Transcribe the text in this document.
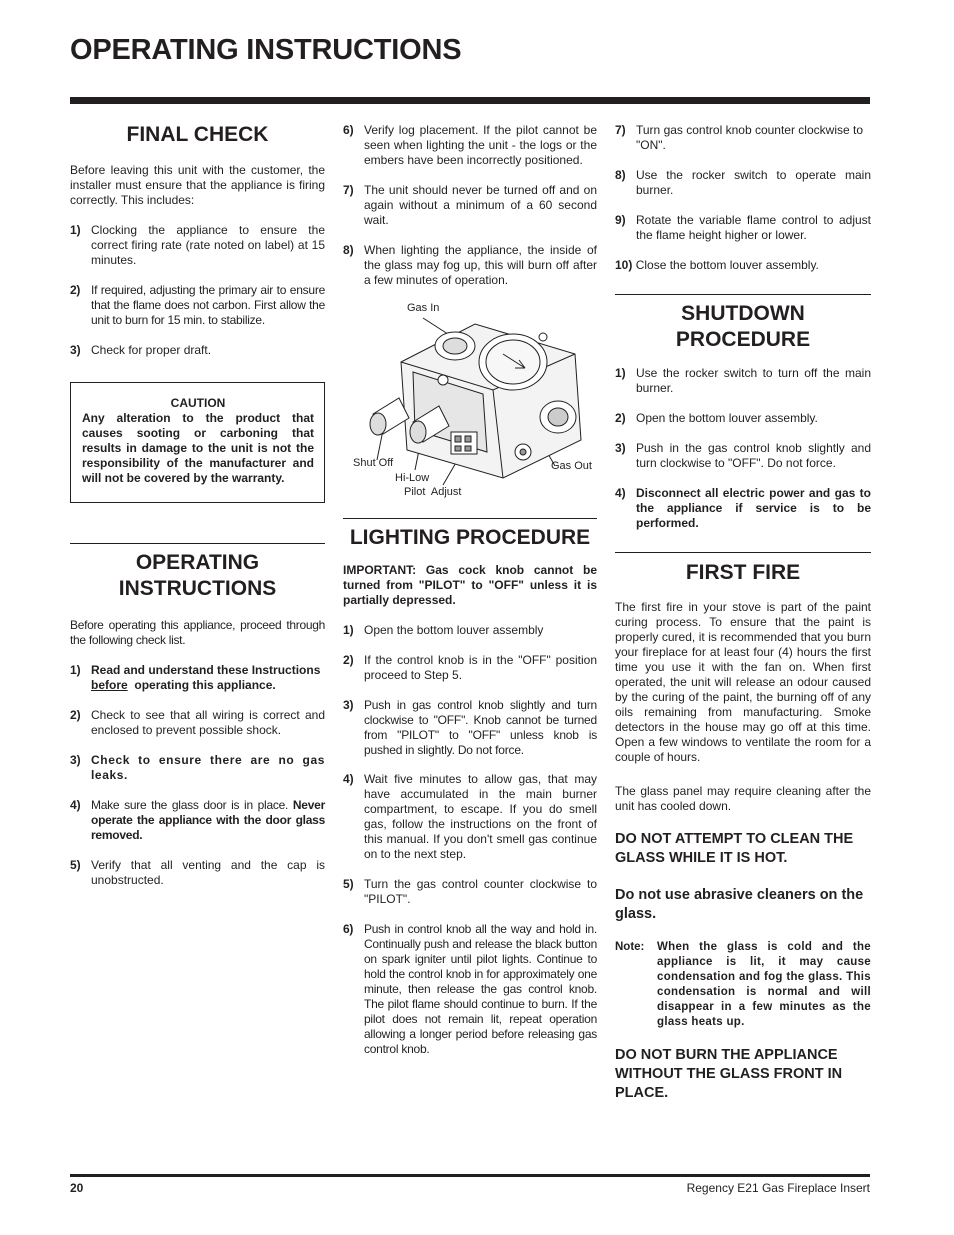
OPERATING INSTRUCTIONS
FINAL CHECK

Before leaving this unit with the customer, the installer must ensure that the appliance is firing correctly. This includes:

1) Clocking the appliance to ensure the correct firing rate (rate noted on label) at 15 minutes.
2) If required, adjusting the primary air to ensure that the flame does not carbon. First allow the unit to burn for 15 min. to stabilize.
3) Check for proper draft.
CAUTION
Any alteration to the product that causes sooting or carboning that results in damage to the unit is not the responsibility of the manufacturer and will not be covered by the warranty.
OPERATING
INSTRUCTIONS

Before operating this appliance, proceed through the following check list.

1) Read and understand these Instructions before operating this appliance.
2) Check to see that all wiring is correct and enclosed to prevent possible shock.
3) Check to ensure there are no gas leaks.
4) Make sure the glass door is in place. Never operate the appliance with the door glass removed.
5) Verify that all venting and the cap is unobstructed.
6) Verify log placement. If the pilot cannot be seen when lighting the unit - the logs or the embers have been incorrectly positioned.
7) The unit should never be turned off and on again without a minimum of a 60 second wait.
8) When lighting the appliance, the inside of the glass may fog up, this will burn off after a few minutes of operation.
Gas In
Shut Off
Hi-Low
Gas Out
Pilot  Adjust
LIGHTING PROCEDURE

IMPORTANT: Gas cock knob cannot be turned from "PILOT" to "OFF" unless it is partially depressed.

1) Open the bottom louver assembly
2) If the control knob is in the "OFF" position proceed to Step 5.
3) Push in gas control knob slightly and turn clockwise to "OFF". Knob cannot be turned from "PILOT" to "OFF" unless knob is pushed in slightly. Do not force.
4) Wait five minutes to allow gas, that may have accumulated in the main burner compartment, to escape. If you do smell gas, follow the instructions on the front of this manual. If you don't smell gas continue on to the next step.
5) Turn the gas control counter clockwise to "PILOT".
6) Push in control knob all the way and hold in. Continually push and release the black button on spark igniter until pilot lights. Continue to hold the control knob in for approximately one minute, then release the gas control knob. The pilot flame should continue to burn. If the pilot does not remain lit, repeat operation allowing a longer period before releasing gas control knob.
7) Turn gas control knob counter clockwise to "ON".
8) Use the rocker switch to operate main burner.
9) Rotate the variable flame control to adjust the flame height higher or lower.
10) Close the bottom louver assembly.
SHUTDOWN
PROCEDURE
1) Use the rocker switch to turn off the main burner.
2) Open the bottom louver assembly.
3) Push in the gas control knob slightly and turn clockwise to "OFF". Do not force.
4) Disconnect all electric power and gas to the appliance if service is to be performed.
FIRST FIRE

The first fire in your stove is part of the paint curing process. To ensure that the paint is properly cured, it is recommended that you burn your fireplace for at least four (4) hours the first time you use it with the fan on. When first operated, the unit will release an odour caused by the curing of the paint, the burning off of any oils remaining from manufacturing. Smoke detectors in the house may go off at this time. Open a few windows to ventilate the room for a couple of hours.

The glass panel may require cleaning after the unit has cooled down.

DO NOT ATTEMPT TO CLEAN THE GLASS WHILE IT IS HOT.

Do not use abrasive cleaners on the glass.

Note:	When the glass is cold and the appliance is lit, it may cause condensation and fog the glass. This condensation is normal and will disappear in a few minutes as the glass heats up.

DO NOT BURN THE APPLIANCE WITHOUT THE GLASS FRONT IN PLACE.

20	Regency E21 Gas Fireplace Insert
